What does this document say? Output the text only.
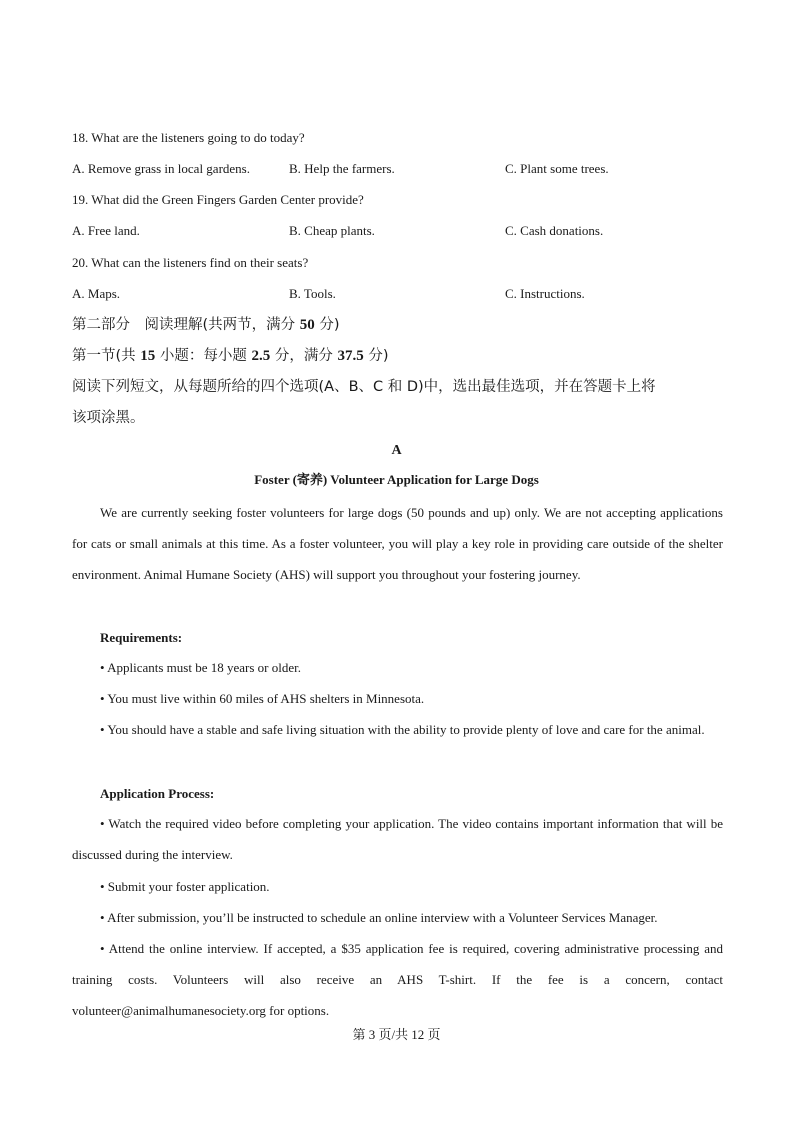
18. What are the listeners going to do today?
A. Remove grass in local gardens.	B. Help the farmers.	C. Plant some trees.
19. What did the Green Fingers Garden Center provide?
A. Free land.	B. Cheap plants.	C. Cash donations.
20. What can the listeners find on their seats?
A. Maps.	B. Tools.	C. Instructions.
第二部分　阅读理解(共两节，满分 50 分)
第一节(共 15 小题：每小题 2.5 分，满分 37.5 分)
阅读下列短文，从每题所给的四个选项(A、B、C 和 D)中，选出最佳选项，并在答题卡上将
该项涂黑。
A
Foster (寄养) Volunteer Application for Large Dogs
We are currently seeking foster volunteers for large dogs (50 pounds and up) only. We are not accepting applications for cats or small animals at this time. As a foster volunteer, you will play a key role in providing care outside of the shelter environment. Animal Humane Society (AHS) will support you throughout your fostering journey.
Requirements:
• Applicants must be 18 years or older.
• You must live within 60 miles of AHS shelters in Minnesota.
• You should have a stable and safe living situation with the ability to provide plenty of love and care for the animal.
Application Process:
• Watch the required video before completing your application. The video contains important information that will be discussed during the interview.
• Submit your foster application.
• After submission, you’ll be instructed to schedule an online interview with a Volunteer Services Manager.
• Attend the online interview. If accepted, a $35 application fee is required, covering administrative processing and training costs. Volunteers will also receive an AHS T-shirt. If the fee is a concern, contact volunteer@animalhumanesociety.org for options.
第 3 页/共 12 页
